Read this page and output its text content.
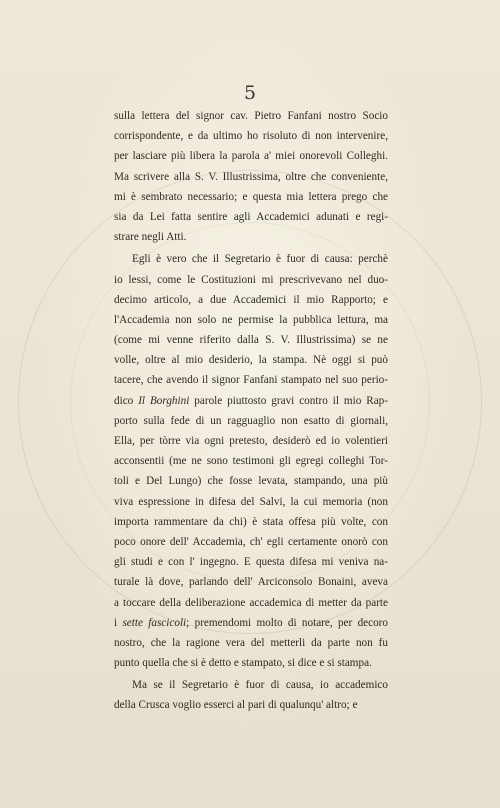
5
sulla lettera del signor cav. Pietro Fanfani nostro Socio
corrispondente, e da ultimo ho risoluto di non intervenire,
per lasciare più libera la parola a' miei onorevoli Colleghi.
Ma scrivere alla S. V. Illustrissima, oltre che conveniente,
mi è sembrato necessario; e questa mia lettera prego che
sia da Lei fatta sentire agli Accademici adunati e regi-
strare negli Atti.
Egli è vero che il Segretario è fuor di causa: perchè
io lessi, come le Costituzioni mi prescrivevano nel duo-
decimo articolo, a due Accademici il mio Rapporto; e
l'Accademia non solo ne permise la pubblica lettura, ma
(come mi venne riferito dalla S. V. Illustrissima) se ne
volle, oltre al mio desiderio, la stampa. Nè oggi si può
tacere, che avendo il signor Fanfani stampato nel suo perio-
dico Il Borghini parole piuttosto gravi contro il mio Rap-
porto sulla fede di un ragguaglio non esatto di giornali,
Ella, per tòrre via ogni pretesto, desiderò ed io volentieri
acconsentii (me ne sono testimoni gli egregi colleghi Tor-
toli e Del Lungo) che fosse levata, stampando, una più
viva espressione in difesa del Salvi, la cui memoria (non
importa rammentare da chi) è stata offesa più volte, con
poco onore dell' Accademia, ch' egli certamente onorò con
gli studi e con l' ingegno. E questa difesa mi veniva na-
turale là dove, parlando dell' Arciconsolo Bonaini, aveva
a toccare della deliberazione accademica di metter da parte
i sette fascicoli; premendomi molto di notare, per decoro
nostro, che la ragione vera del metterli da parte non fu
punto quella che si è detto e stampato, si dice e si stampa.
Ma se il Segretario è fuor di causa, io accademico
della Crusca voglio esserci al pari di qualunqu' altro; e
